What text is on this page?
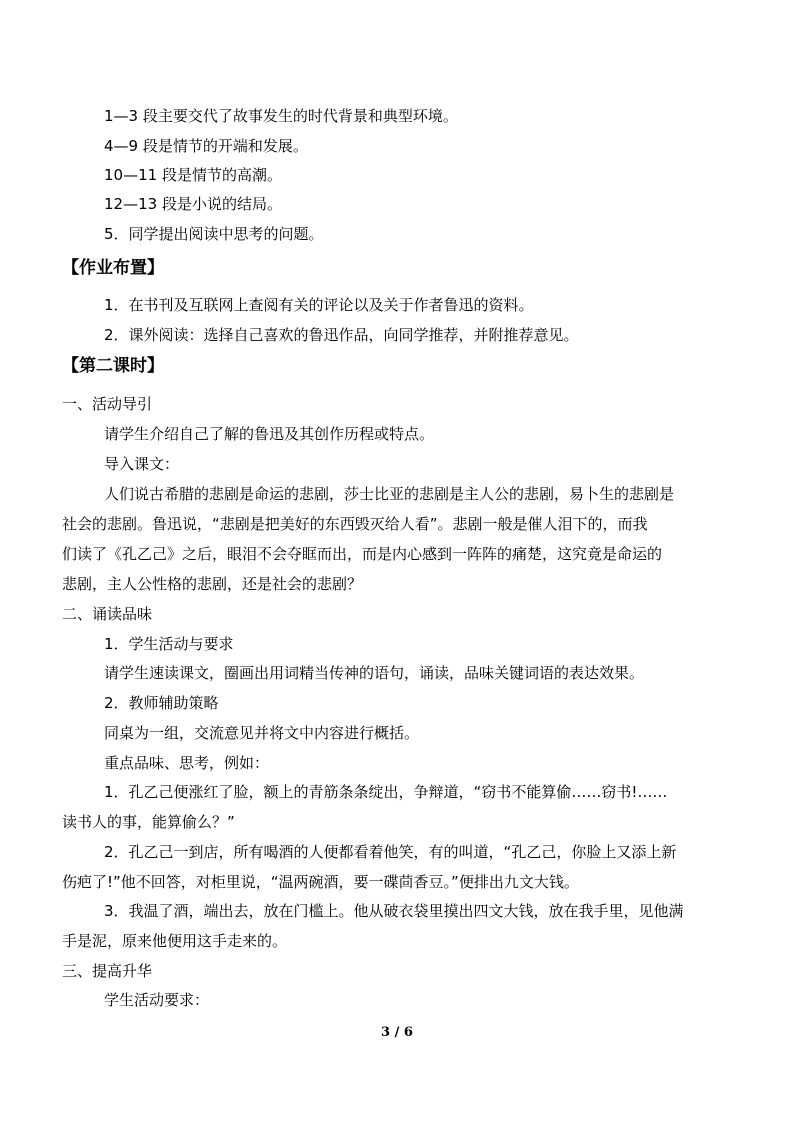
1—3 段主要交代了故事发生的时代背景和典型环境。
4—9 段是情节的开端和发展。
10—11 段是情节的高潮。
12—13 段是小说的结局。
5．同学提出阅读中思考的问题。
【作业布置】
1．在书刊及互联网上查阅有关的评论以及关于作者鲁迅的资料。
2．课外阅读：选择自己喜欢的鲁迅作品，向同学推荐，并附推荐意见。
【第二课时】
一、活动导引
请学生介绍自己了解的鲁迅及其创作历程或特点。
导入课文：
人们说古希腊的悲剧是命运的悲剧，莎士比亚的悲剧是主人公的悲剧，易卜生的悲剧是
社会的悲剧。鲁迅说，“悲剧是把美好的东西毁灭给人看”。悲剧一般是催人泪下的，而我
们读了《孔乙己》之后，眼泪不会夺眶而出，而是内心感到一阵阵的痛楚，这究竟是命运的
悲剧，主人公性格的悲剧，还是社会的悲剧？
二、诵读品味
1．学生活动与要求
请学生速读课文，圈画出用词精当传神的语句，诵读，品味关键词语的表达效果。
2．教师辅助策略
同桌为一组，交流意见并将文中内容进行概括。
重点品味、思考，例如：
1．孔乙己便涨红了脸，额上的青筋条条绽出，争辩道，“窃书不能算偷……窃书!……
读书人的事，能算偷么？”
2．孔乙己一到店，所有喝酒的人便都看着他笑，有的叫道，“孔乙己，你脸上又添上新
伤疤了!”他不回答，对柜里说，“温两碗酒，要一碟茴香豆。”便排出九文大钱。
3．我温了酒，端出去，放在门槛上。他从破衣袋里摸出四文大钱，放在我手里，见他满
手是泥，原来他便用这手走来的。
三、提高升华
学生活动要求：
3 / 6
